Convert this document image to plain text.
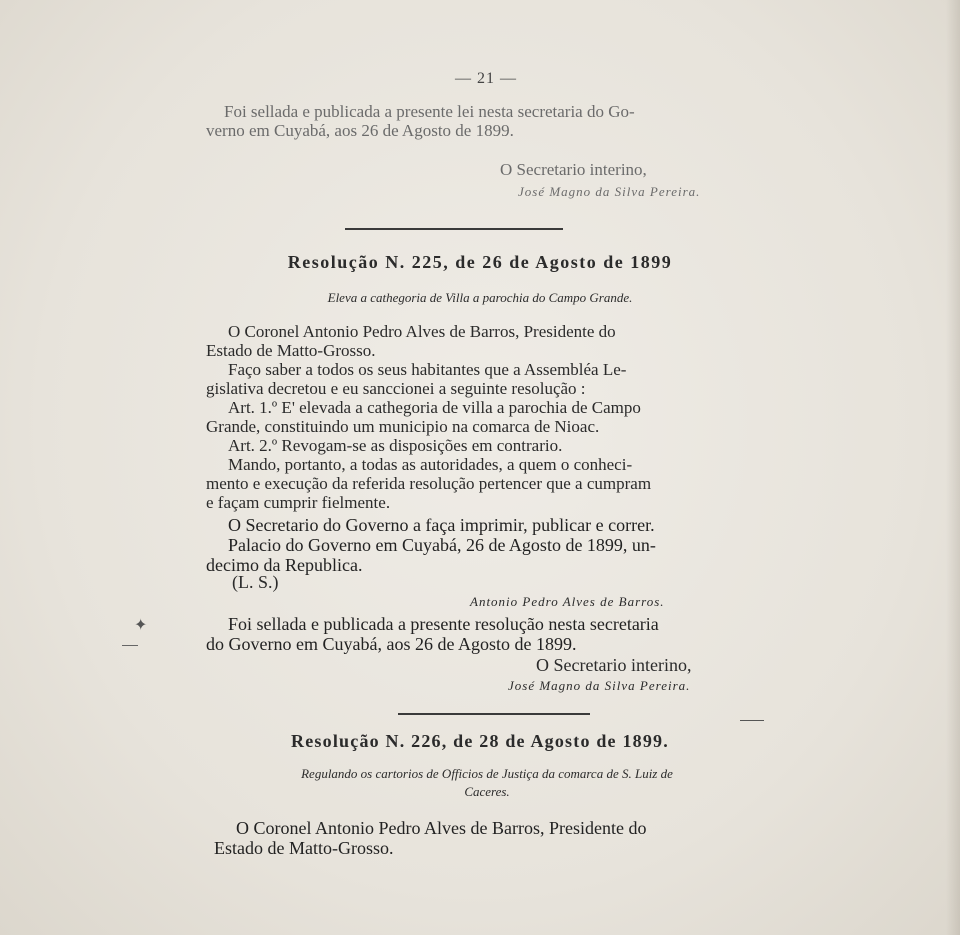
✦
— 21 —
Foi sellada e publicada a presente lei nesta secretaria do Go-
verno em Cuyabá, aos 26 de Agosto de 1899.
O Secretario interino,
José Magno da Silva Pereira.
Resolução N. 225, de 26 de Agosto de 1899
Eleva a cathegoria de Villa a parochia do Campo Grande.
O Coronel Antonio Pedro Alves de Barros, Presidente do
Estado de Matto-Grosso.
Faço saber a todos os seus habitantes que a Assembléa Le-
gislativa decretou e eu sanccionei a seguinte resolução :
Art. 1.º E' elevada a cathegoria de villa a parochia de Campo
Grande, constituindo um municipio na comarca de Nioac.
Art. 2.º Revogam-se as disposições em contrario.
Mando, portanto, a todas as autoridades, a quem o conheci-
mento e execução da referida resolução pertencer que a cumpram
e façam cumprir fielmente.
O Secretario do Governo a faça imprimir, publicar e correr.
Palacio do Governo em Cuyabá, 26 de Agosto de 1899, un-
decimo da Republica.
(L. S.)
Antonio Pedro Alves de Barros.
Foi sellada e publicada a presente resolução nesta secretaria
do Governo em Cuyabá, aos 26 de Agosto de 1899.
O Secretario interino,
José Magno da Silva Pereira.
Resolução N. 226, de 28 de Agosto de 1899.
Regulando os cartorios de Officios de Justiça da comarca de S. Luiz de
Caceres.
O Coronel Antonio Pedro Alves de Barros, Presidente do
Estado de Matto-Grosso.
